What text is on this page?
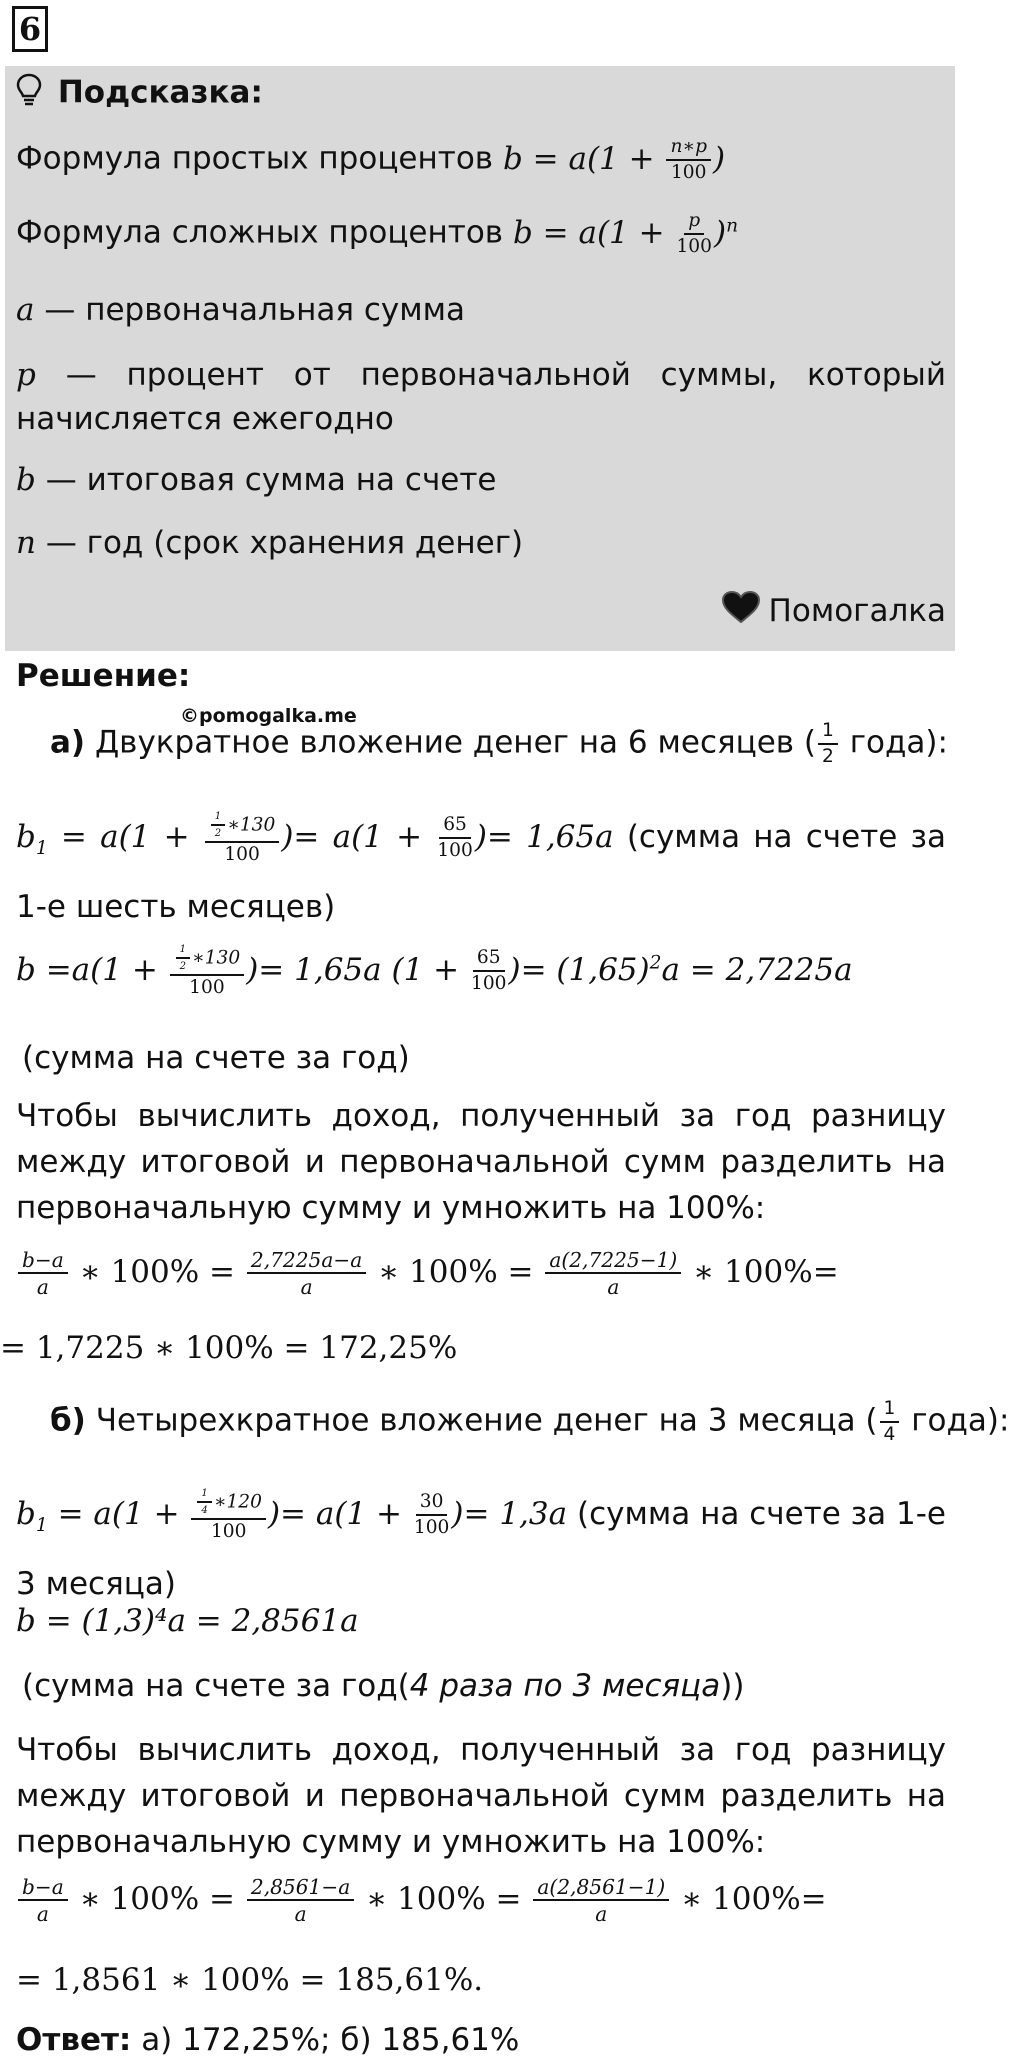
6
Подсказка:
Формула простых процентов $b = a(1 + \frac{n∗p}{100}$ )
Формула сложных процентов $b = a(1 + \frac{p}{100} )^n$
a — первоначальная сумма
p — процент от первоначальной суммы, который начисляется ежегодно
b — итоговая сумма на счете
n — год (срок хранения денег)
Помогалка
Решение:
©pomogalka.me
а) Двукратное вложение денег на 6 месяцев ( $\frac{1}{2}$ года):
$b_1 = a(1 + \frac{\frac{1}{2} ∗130}{100}$ )= $a(1 + \frac{65}{100}$ )= 1,65a (сумма на счете за 1-е шесть месяцев)
$b =a(1 + \frac{\frac{1}{2} ∗130}{100}$ )= 1,65a ($1 + \frac{65}{100}$ )= $(1,65)^2a = 2,7225a$
(сумма на счете за год)
Чтобы вычислить доход, полученный за год разницу между итоговой и первоначальной сумм разделить на первоначальную сумму и умножить на 100%:
$\frac{b-a}{a}$ ∗ $100\% = \frac{2,7225a-a}{a}$ ∗ $100\% = \frac{a(2,7225-1)}{a}$ ∗ 100%=
= 1,7225 ∗ 100% = 172,25%
б) Четырехкратное вложение денег на 3 месяца ( $\frac{1}{4}$ года):
$b_1 = a(1 + \frac{\frac{1}{4} ∗120}{100}$ )= $a(1 + \frac{30}{100}$ )= 1,3a (сумма на счете за 1-е 3 месяца)
b = (1,3)⁴a = 2,8561a
(сумма на счете за год(4 раза по 3 месяца))
Чтобы вычислить доход, полученный за год разницу между итоговой и первоначальной сумм разделить на первоначальную сумму и умножить на 100%:
$\frac{b-a}{a}$ ∗ $100\% = \frac{2,8561-a}{a}$ ∗ $100\% = \frac{a(2,8561-1)}{a}$ ∗ 100%=
= 1,8561 ∗ 100% = 185,61%.
Ответ: а) 172,25%; б) 185,61%
